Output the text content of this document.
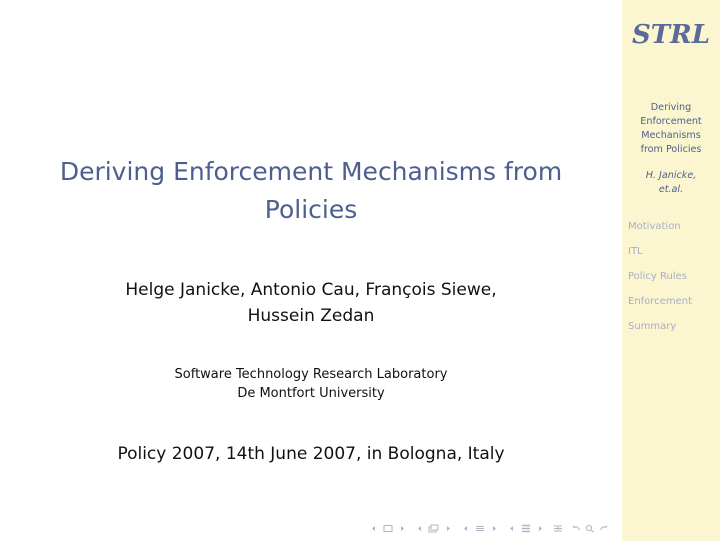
Deriving Enforcement Mechanisms from
Policies
Helge Janicke, Antonio Cau, François Siewe,
Hussein Zedan
Software Technology Research Laboratory
De Montfort University
Policy 2007, 14th June 2007, in Bologna, Italy
STRL
Deriving
Enforcement
Mechanisms
from Policies
H. Janicke,
et.al.
Motivation
ITL
Policy Rules
Enforcement
Summary
